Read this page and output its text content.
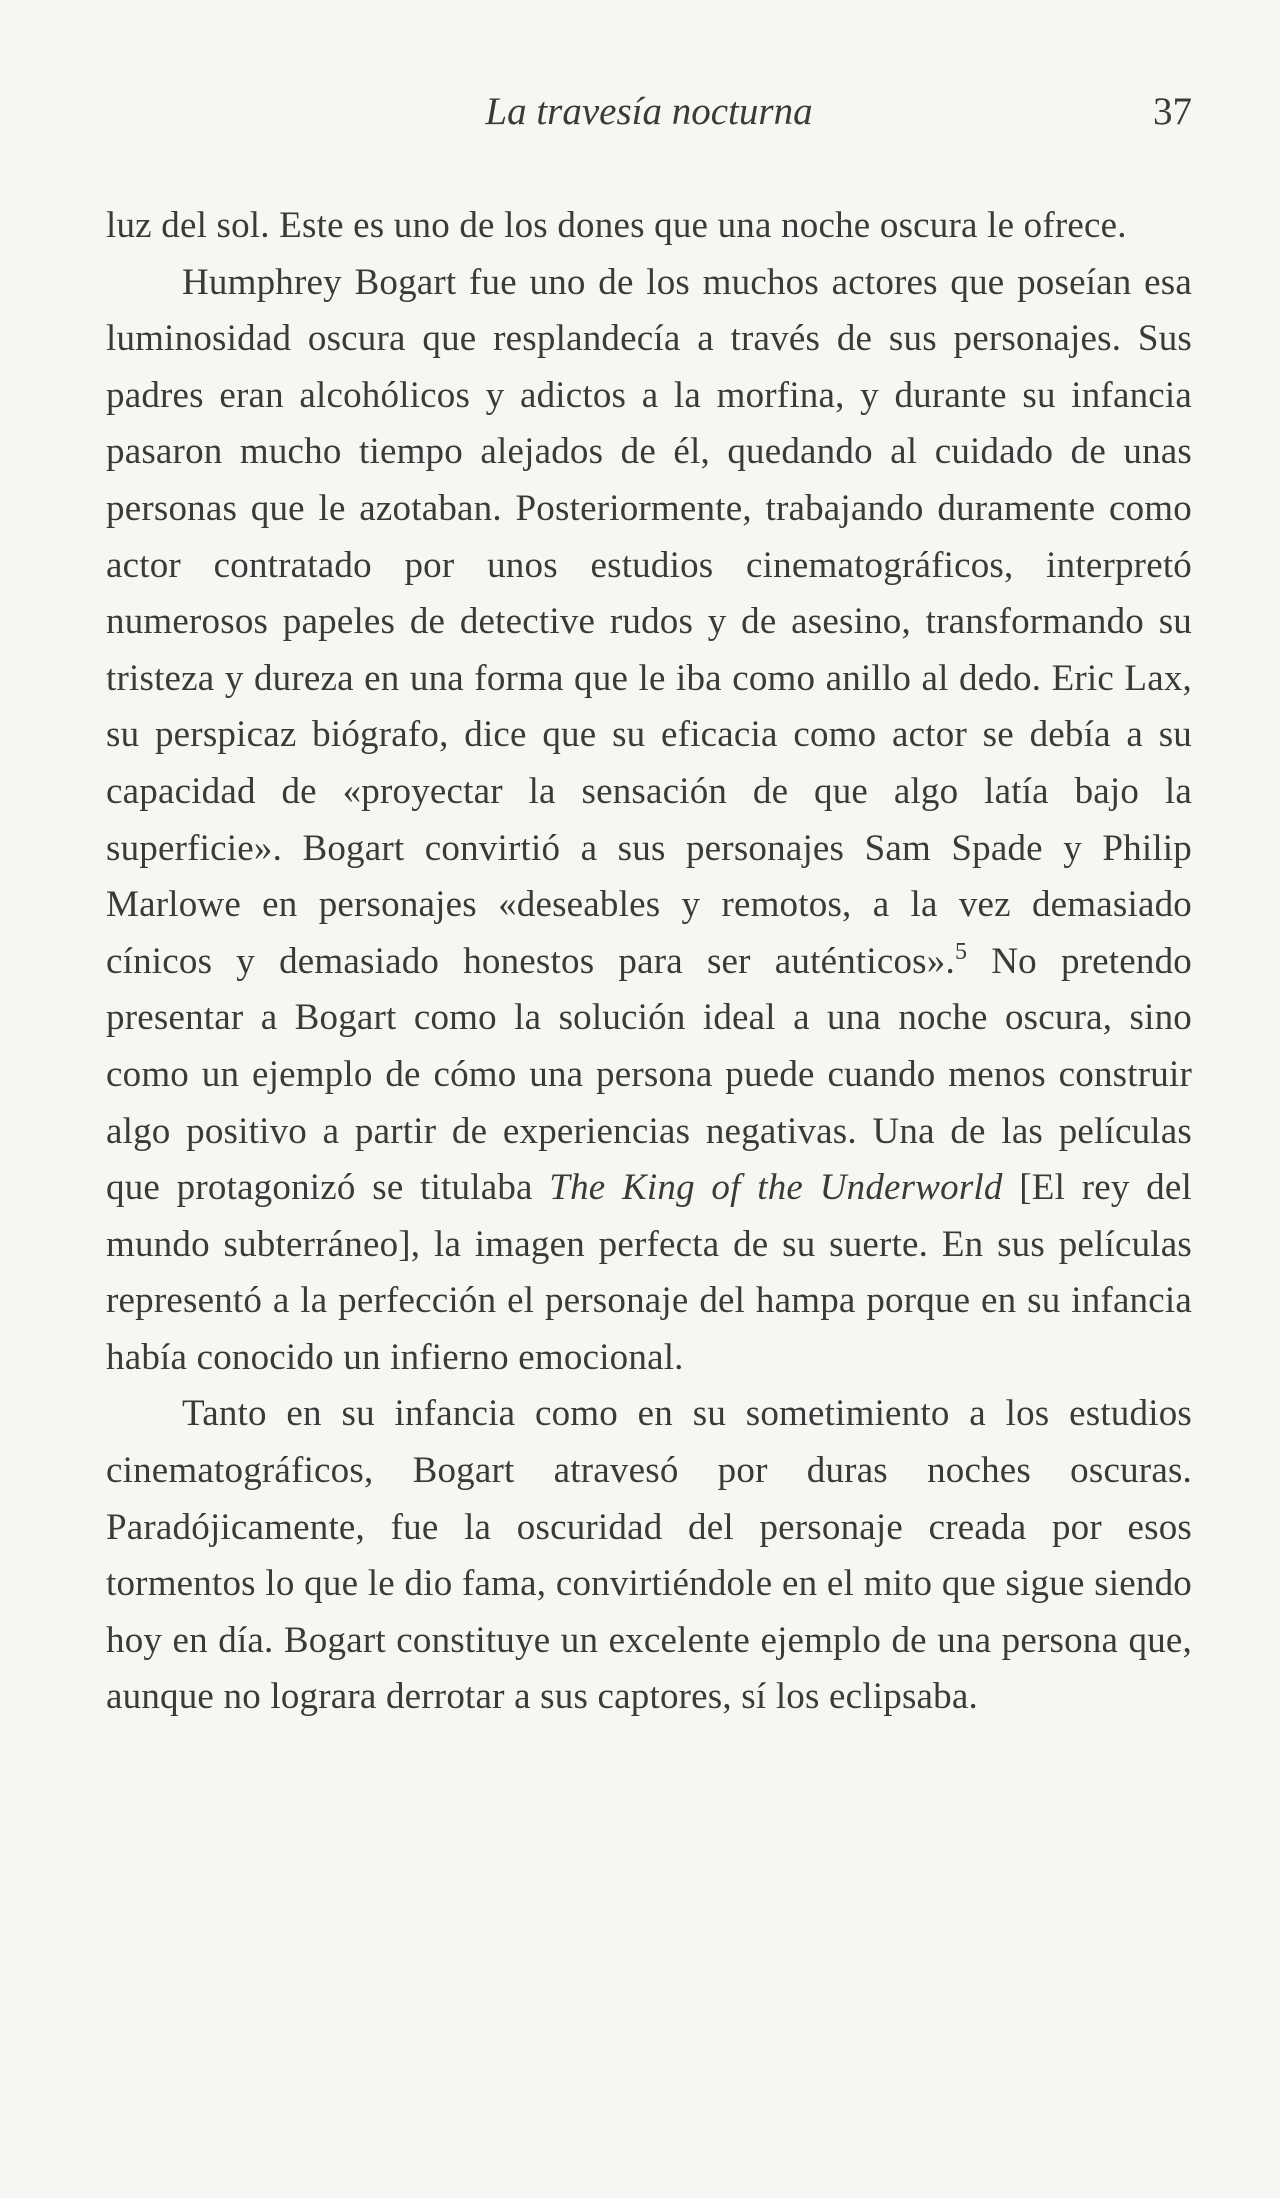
La travesía nocturna	37

luz del sol. Este es uno de los dones que una noche oscura le ofrece.

Humphrey Bogart fue uno de los muchos actores que poseían esa luminosidad oscura que resplandecía a través de sus personajes. Sus padres eran alcohólicos y adictos a la morfina, y durante su infancia pasaron mucho tiempo alejados de él, quedando al cuidado de unas personas que le azotaban. Posteriormente, trabajando duramente como actor contratado por unos estudios cinematográficos, interpretó numerosos papeles de detective rudos y de asesino, transformando su tristeza y dureza en una forma que le iba como anillo al dedo. Eric Lax, su perspicaz biógrafo, dice que su eficacia como actor se debía a su capacidad de «proyectar la sensación de que algo latía bajo la superficie». Bogart convirtió a sus personajes Sam Spade y Philip Marlowe en personajes «deseables y remotos, a la vez demasiado cínicos y demasiado honestos para ser auténticos».$^5$ No pretendo presentar a Bogart como la solución ideal a una noche oscura, sino como un ejemplo de cómo una persona puede cuando menos construir algo positivo a partir de experiencias negativas. Una de las películas que protagonizó se titulaba The King of the Underworld [El rey del mundo subterráneo], la imagen perfecta de su suerte. En sus películas representó a la perfección el personaje del hampa porque en su infancia había conocido un infierno emocional.

Tanto en su infancia como en su sometimiento a los estudios cinematográficos, Bogart atravesó por duras noches oscuras. Paradójicamente, fue la oscuridad del personaje creada por esos tormentos lo que le dio fama, convirtiéndole en el mito que sigue siendo hoy en día. Bogart constituye un excelente ejemplo de una persona que, aunque no lograra derrotar a sus captores, sí los eclipsaba.
